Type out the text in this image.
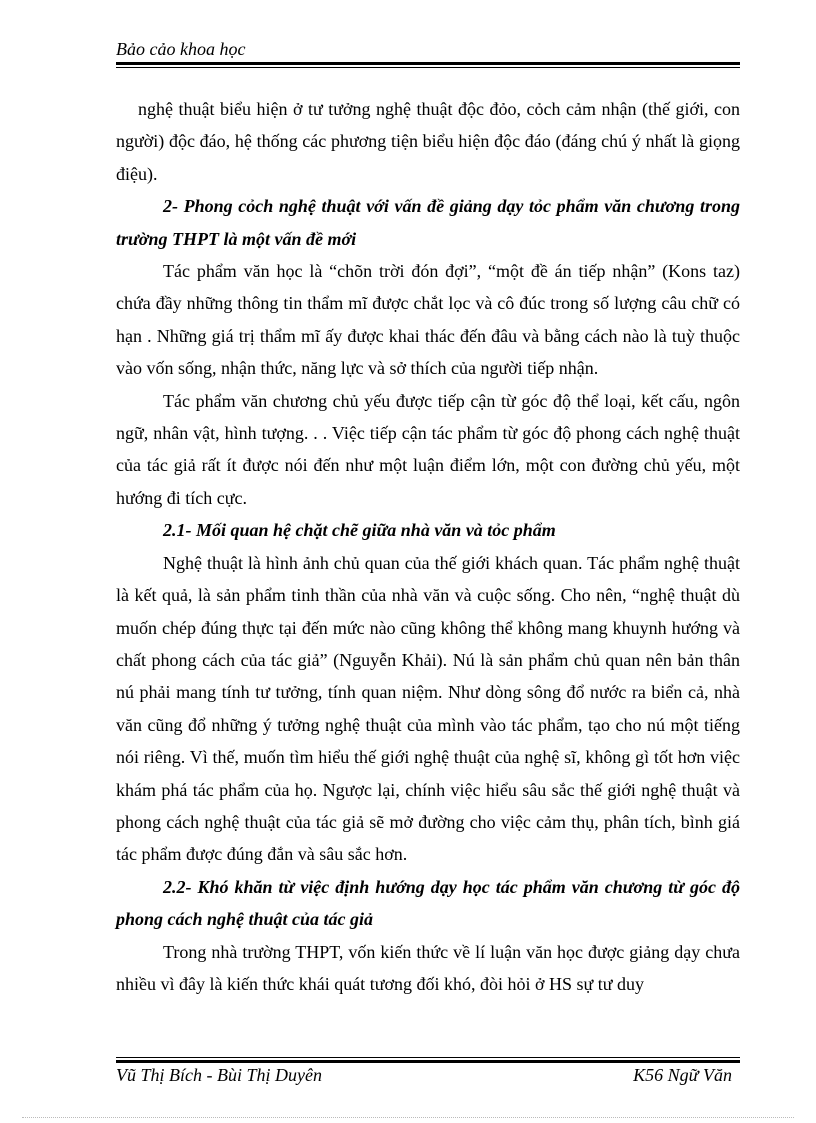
Bảo cảo khoa học

nghệ thuật biểu hiện ở tư tưởng nghệ thuật độc đỏo, cỏch cảm nhận (thế giới, con người) độc đáo, hệ thống các phương tiện biểu hiện độc đáo (đáng chú ý nhất là giọng điệu).

2- Phong cỏch nghệ thuật với vấn đề giảng dạy tỏc phẩm văn chương trong trường THPT là một vấn đề mới

Tác phẩm văn học là “chõn trời đón đợi”, “một đề án tiếp nhận” (Kons taz) chứa đầy những thông tin thẩm mĩ được chắt lọc và cô đúc trong số lượng câu chữ có hạn . Những giá trị thẩm mĩ ấy được khai thác đến đâu và bằng cách nào là tuỳ thuộc vào vốn sống, nhận thức, năng lực và sở thích của người tiếp nhận.

Tác phẩm văn chương chủ yếu được tiếp cận từ góc độ thể loại, kết cấu, ngôn ngữ, nhân vật, hình tượng. . . Việc tiếp cận tác phẩm từ góc độ phong cách nghệ thuật của tác giả rất ít được nói đến như một luận điểm lớn, một con đường chủ yếu, một hướng đi tích cực.

2.1- Mối quan hệ chặt chẽ giữa nhà văn và tỏc phẩm

Nghệ thuật là hình ảnh chủ quan của thế giới khách quan. Tác phẩm nghệ thuật là kết quả, là sản phẩm tinh thần của nhà văn và cuộc sống. Cho nên, “nghệ thuật dù muốn chép đúng thực tại đến mức nào cũng không thể không mang khuynh hướng và chất phong cách của tác giả” (Nguyễn Khải). Nú là sản phẩm chủ quan nên bản thân nú phải mang tính tư tưởng, tính quan niệm. Như dòng sông đổ nước ra biển cả, nhà văn cũng đổ những ý tưởng nghệ thuật của mình vào tác phẩm, tạo cho nú một tiếng nói riêng. Vì thế, muốn tìm hiểu thế giới nghệ thuật của nghệ sĩ, không gì tốt hơn việc khám phá tác phẩm của họ. Ngược lại, chính việc hiểu sâu sắc thế giới nghệ thuật và phong cách nghệ thuật của tác giả sẽ mở đường cho việc cảm thụ, phân tích, bình giá tác phẩm được đúng đắn và sâu sắc hơn.

2.2- Khó khăn từ việc định hướng dạy học tác phẩm văn chương từ góc độ phong cách nghệ thuật của tác giả

Trong nhà trường THPT, vốn kiến thức về lí luận văn học được giảng dạy chưa nhiều vì đây là kiến thức khái quát tương đối khó, đòi hỏi ở HS sự tư duy

Vũ Thị Bích - Bùi Thị Duyên	K56 Ngữ Văn
